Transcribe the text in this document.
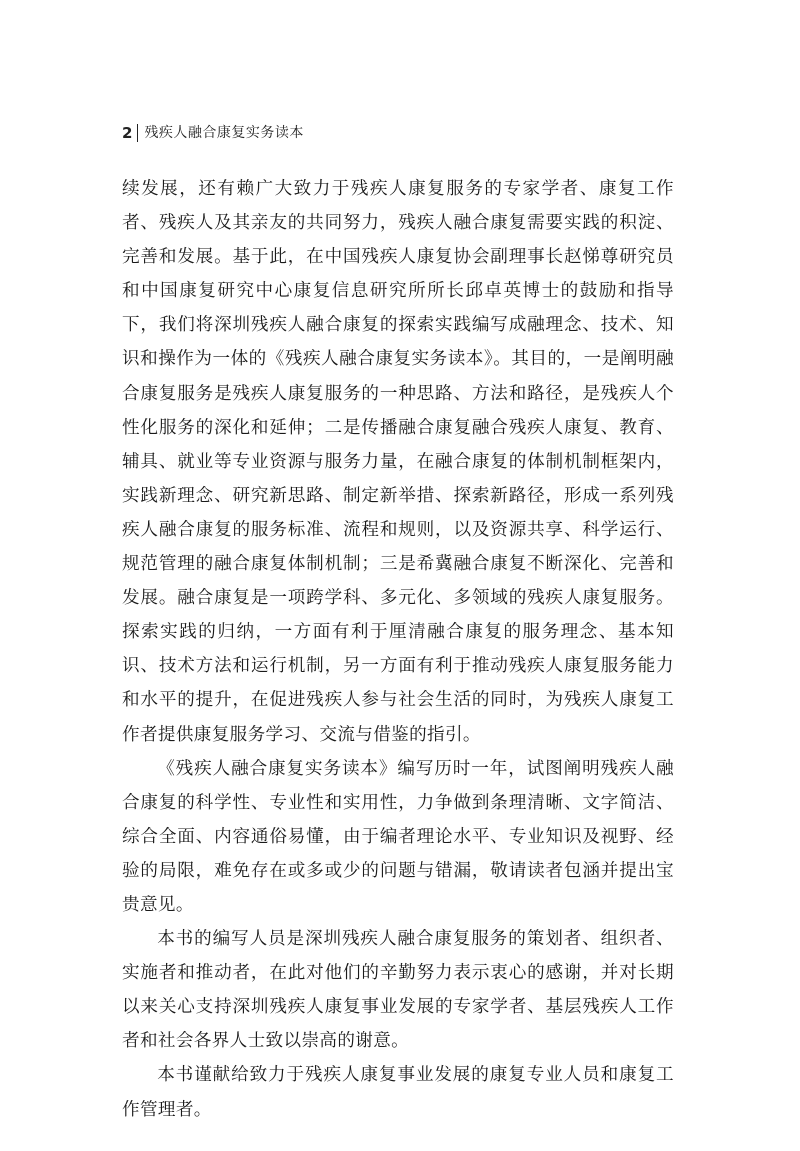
2 残疾人融合康复实务读本

续发展，还有赖广大致力于残疾人康复服务的专家学者、康复工作者、残疾人及其亲友的共同努力，残疾人融合康复需要实践的积淀、完善和发展。基于此，在中国残疾人康复协会副理事长赵悌尊研究员和中国康复研究中心康复信息研究所所长邱卓英博士的鼓励和指导下，我们将深圳残疾人融合康复的探索实践编写成融理念、技术、知识和操作为一体的《残疾人融合康复实务读本》。其目的，一是阐明融合康复服务是残疾人康复服务的一种思路、方法和路径，是残疾人个性化服务的深化和延伸；二是传播融合康复融合残疾人康复、教育、辅具、就业等专业资源与服务力量，在融合康复的体制机制框架内，实践新理念、研究新思路、制定新举措、探索新路径，形成一系列残疾人融合康复的服务标准、流程和规则，以及资源共享、科学运行、规范管理的融合康复体制机制；三是希冀融合康复不断深化、完善和发展。融合康复是一项跨学科、多元化、多领域的残疾人康复服务。探索实践的归纳，一方面有利于厘清融合康复的服务理念、基本知识、技术方法和运行机制，另一方面有利于推动残疾人康复服务能力和水平的提升，在促进残疾人参与社会生活的同时，为残疾人康复工作者提供康复服务学习、交流与借鉴的指引。

《残疾人融合康复实务读本》编写历时一年，试图阐明残疾人融合康复的科学性、专业性和实用性，力争做到条理清晰、文字简洁、综合全面、内容通俗易懂，由于编者理论水平、专业知识及视野、经验的局限，难免存在或多或少的问题与错漏，敬请读者包涵并提出宝贵意见。

本书的编写人员是深圳残疾人融合康复服务的策划者、组织者、实施者和推动者，在此对他们的辛勤努力表示衷心的感谢，并对长期以来关心支持深圳残疾人康复事业发展的专家学者、基层残疾人工作者和社会各界人士致以崇高的谢意。

本书谨献给致力于残疾人康复事业发展的康复专业人员和康复工作管理者。
